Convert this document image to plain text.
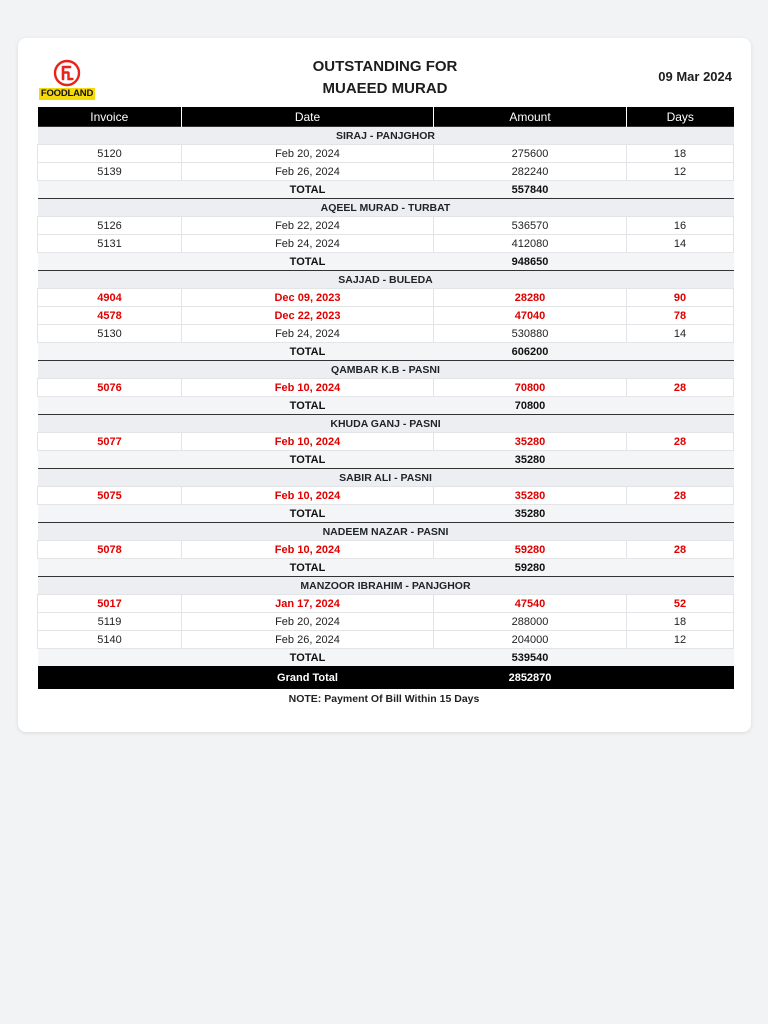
FOODLAND
OUTSTANDING FOR
MUAEED MURAD
09 Mar 2024
Invoice	Date	Amount	Days
SIRAJ - PANJGHOR			
5120	Feb 20, 2024	275600	18
5139	Feb 26, 2024	282240	12
	TOTAL	557840	
AQEEL MURAD - TURBAT			
5126	Feb 22, 2024	536570	16
5131	Feb 24, 2024	412080	14
	TOTAL	948650	
SAJJAD - BULEDA			
4904	Dec 09, 2023	28280	90
4578	Dec 22, 2023	47040	78
5130	Feb 24, 2024	530880	14
	TOTAL	606200	
QAMBAR K.B - PASNI			
5076	Feb 10, 2024	70800	28
	TOTAL	70800	
KHUDA GANJ - PASNI			
5077	Feb 10, 2024	35280	28
	TOTAL	35280	
SABIR ALI - PASNI			
5075	Feb 10, 2024	35280	28
	TOTAL	35280	
NADEEM NAZAR - PASNI			
5078	Feb 10, 2024	59280	28
	TOTAL	59280	
MANZOOR IBRAHIM - PANJGHOR			
5017	Jan 17, 2024	47540	52
5119	Feb 20, 2024	288000	18
5140	Feb 26, 2024	204000	12
	TOTAL	539540	
	Grand Total	2852870	
NOTE: Payment Of Bill Within 15 Days
